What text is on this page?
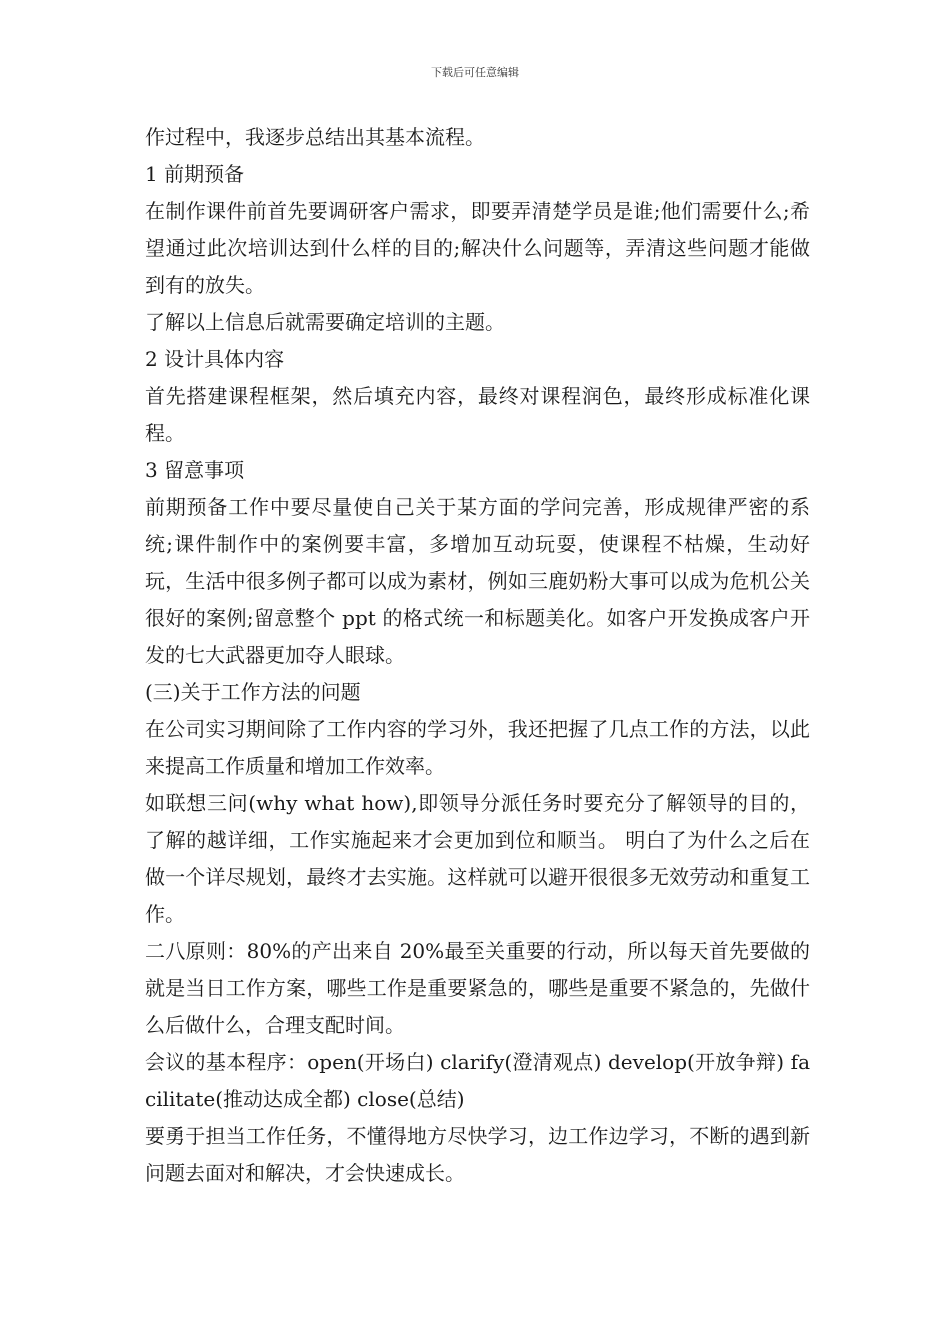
下载后可任意编辑

作过程中，我逐步总结出其基本流程。

1 前期预备

在制作课件前首先要调研客户需求，即要弄清楚学员是谁;他们需要什么;希望通过此次培训达到什么样的目的;解决什么问题等，弄清这些问题才能做到有的放失。

了解以上信息后就需要确定培训的主题。

2 设计具体内容

首先搭建课程框架，然后填充内容，最终对课程润色，最终形成标准化课程。

3 留意事项

前期预备工作中要尽量使自己关于某方面的学问完善，形成规律严密的系统;课件制作中的案例要丰富，多增加互动玩耍，使课程不枯燥，生动好玩，生活中很多例子都可以成为素材，例如三鹿奶粉大事可以成为危机公关很好的案例;留意整个 ppt 的格式统一和标题美化。如客户开发换成客户开发的七大武器更加夺人眼球。

(三)关于工作方法的问题

在公司实习期间除了工作内容的学习外，我还把握了几点工作的方法，以此来提高工作质量和增加工作效率。

如联想三问(why what how),即领导分派任务时要充分了解领导的目的，了解的越详细，工作实施起来才会更加到位和顺当。 明白了为什么之后在做一个详尽规划，最终才去实施。这样就可以避开很很多无效劳动和重复工作。

二八原则：80%的产出来自 20%最至关重要的行动，所以每天首先要做的就是当日工作方案，哪些工作是重要紧急的，哪些是重要不紧急的，先做什么后做什么，合理支配时间。

会议的基本程序：open(开场白) clarify(澄清观点) develop(开放争辩) facilitate(推动达成全都) close(总结)

要勇于担当工作任务，不懂得地方尽快学习，边工作边学习，不断的遇到新问题去面对和解决，才会快速成长。
